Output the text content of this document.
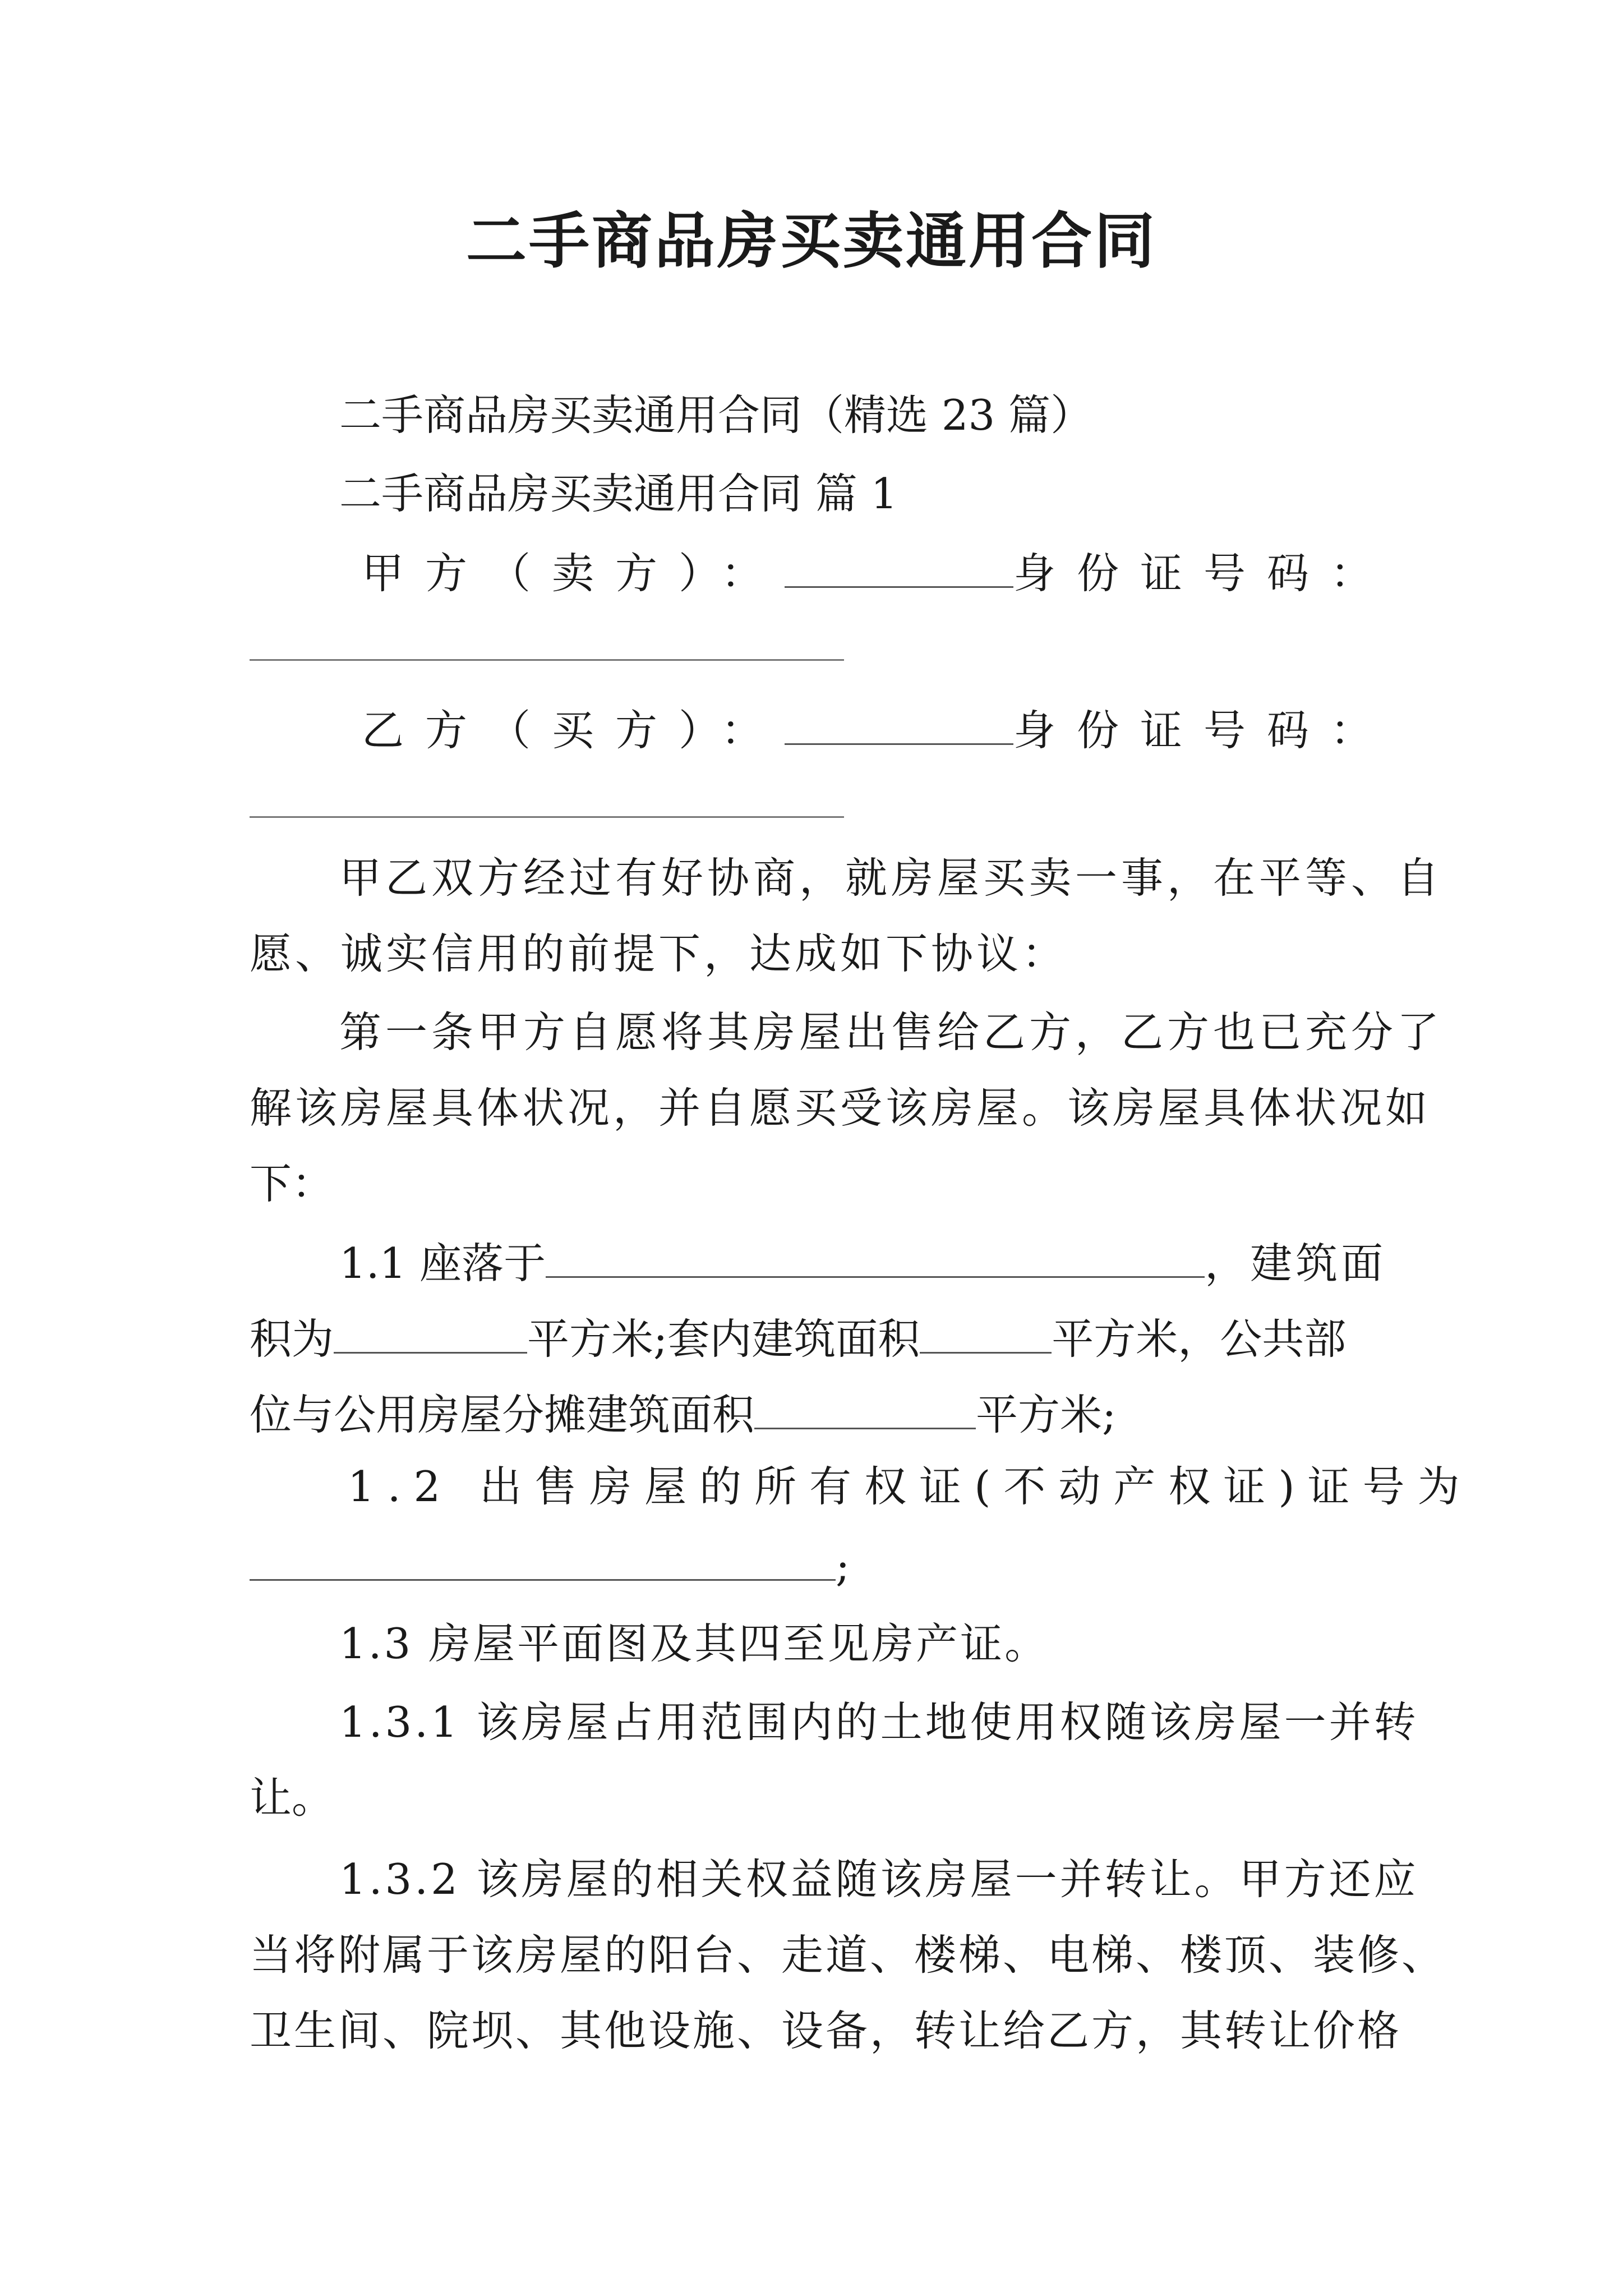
二手商品房买卖通用合同

二手商品房买卖通用合同（精选 23 篇）

二手商品房买卖通用合同 篇 1

甲方（卖方）：	身份证号码：
乙方（买方）：	身份证号码：

甲乙双方经过有好协商，就房屋买卖一事，在平等、自

愿、诚实信用的前提下，达成如下协议：

第一条甲方自愿将其房屋出售给乙方，乙方也已充分了

解该房屋具体状况，并自愿买受该房屋。该房屋具体状况如

下：

1.1 座落于	，建筑面
积为	平方米;套内建筑面积	平方米，公共部
位与公用房屋分摊建筑面积	平方米;

1.2 出售房屋的所有权证(不动产权证)证号为

;

1.3 房屋平面图及其四至见房产证。

1.3.1 该房屋占用范围内的土地使用权随该房屋一并转

让。

1.3.2 该房屋的相关权益随该房屋一并转让。甲方还应

当将附属于该房屋的阳台、走道、楼梯、电梯、楼顶、装修、

卫生间、院坝、其他设施、设备，转让给乙方，其转让价格
